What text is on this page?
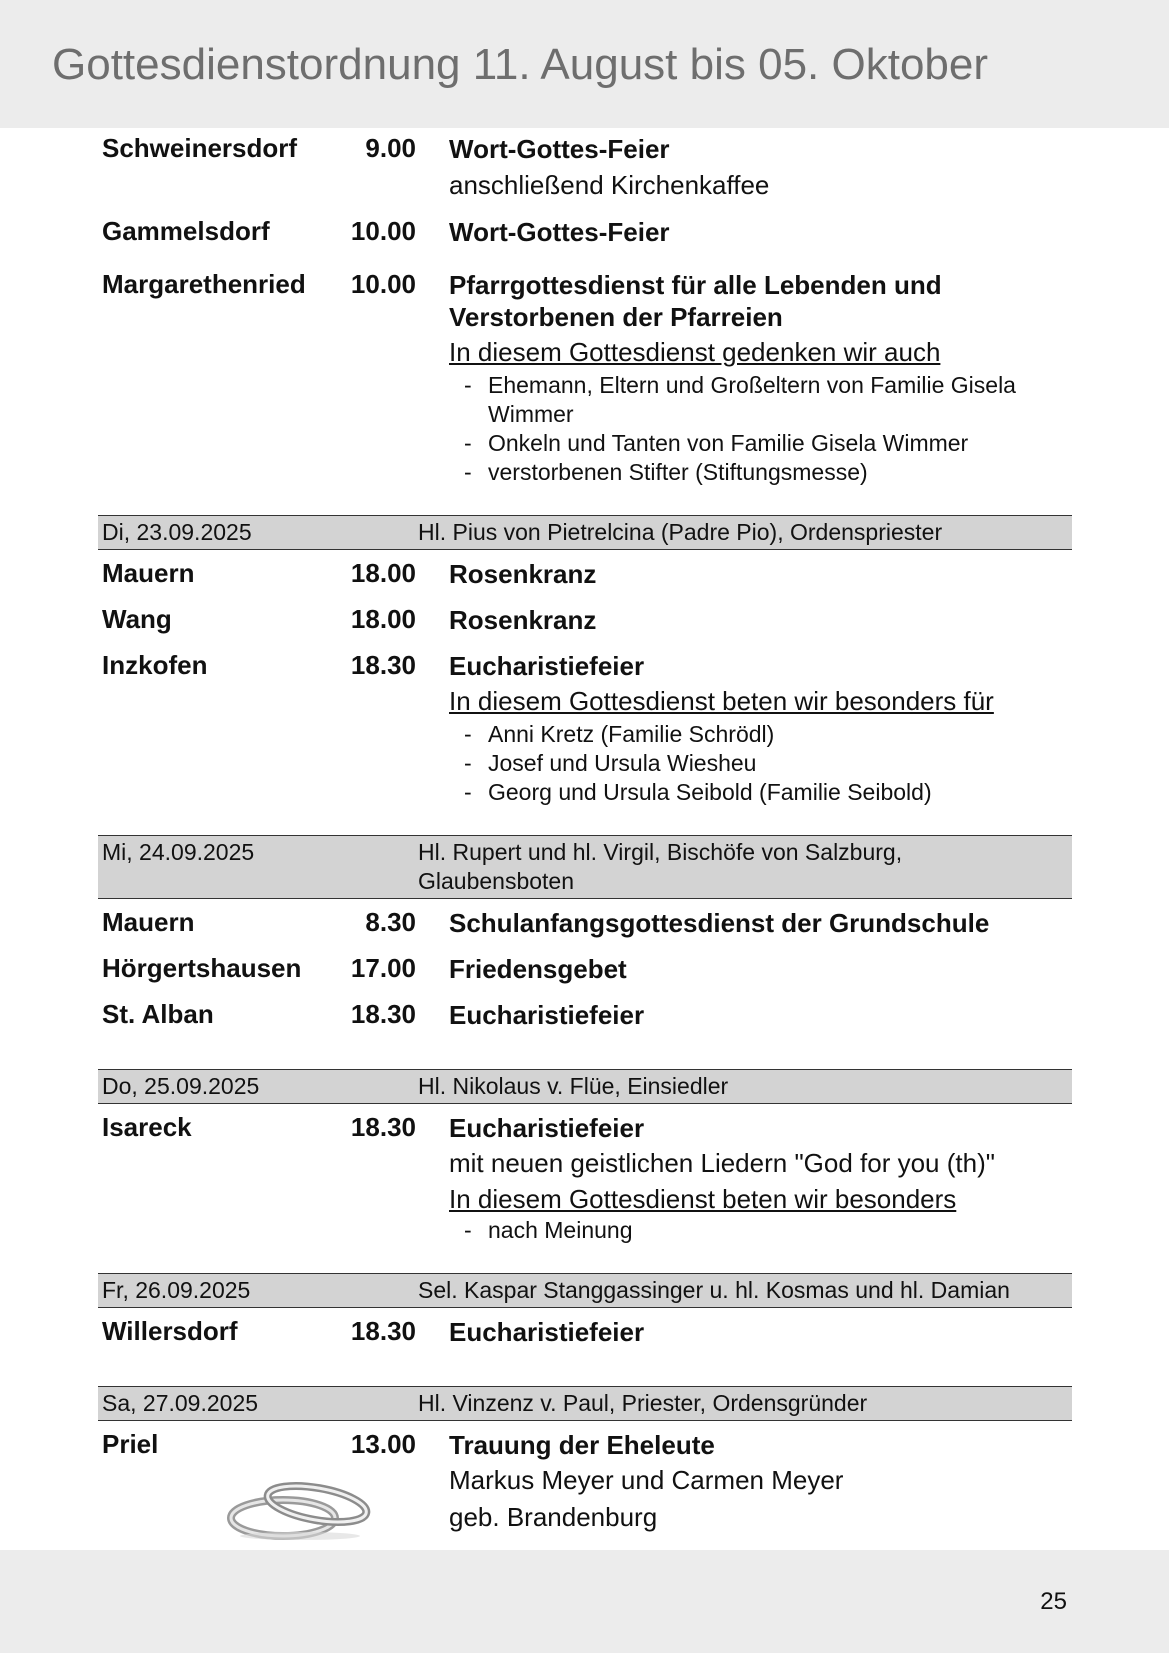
Gottesdienstordnung 11. August bis 05. Oktober
Schweinersdorf	9.00 Wort-Gottes-Feier
anschließend Kirchenkaffee
Gammelsdorf	10.00 Wort-Gottes-Feier
Margarethenried	10.00 Pfarrgottesdienst für alle Lebenden und
Verstorbenen der Pfarreien
In diesem Gottesdienst gedenken wir auch
- Ehemann, Eltern und Großeltern von Familie Gisela Wimmer
- Onkeln und Tanten von Familie Gisela Wimmer
- verstorbenen Stifter (Stiftungsmesse)
Di, 23.09.2025	Hl. Pius von Pietrelcina (Padre Pio), Ordenspriester
Mauern	18.00 Rosenkranz
Wang	18.00 Rosenkranz
Inzkofen	18.30 Eucharistiefeier
In diesem Gottesdienst beten wir besonders für
- Anni Kretz (Familie Schrödl)
- Josef und Ursula Wiesheu
- Georg und Ursula Seibold (Familie Seibold)
Mi, 24.09.2025	Hl. Rupert und hl. Virgil, Bischöfe von Salzburg,
Glaubensboten
Mauern	8.30 Schulanfangsgottesdienst der Grundschule
Hörgertshausen	17.00 Friedensgebet
St. Alban	18.30 Eucharistiefeier
Do, 25.09.2025	Hl. Nikolaus v. Flüe, Einsiedler
Isareck	18.30 Eucharistiefeier
mit neuen geistlichen Liedern "God for you (th)"
In diesem Gottesdienst beten wir besonders
- nach Meinung
Fr, 26.09.2025	Sel. Kaspar Stanggassinger u. hl. Kosmas und hl. Damian
Willersdorf	18.30 Eucharistiefeier
Sa, 27.09.2025	Hl. Vinzenz v. Paul, Priester, Ordensgründer
Priel	13.00 Trauung der Eheleute
Markus Meyer und Carmen Meyer
geb. Brandenburg
25
